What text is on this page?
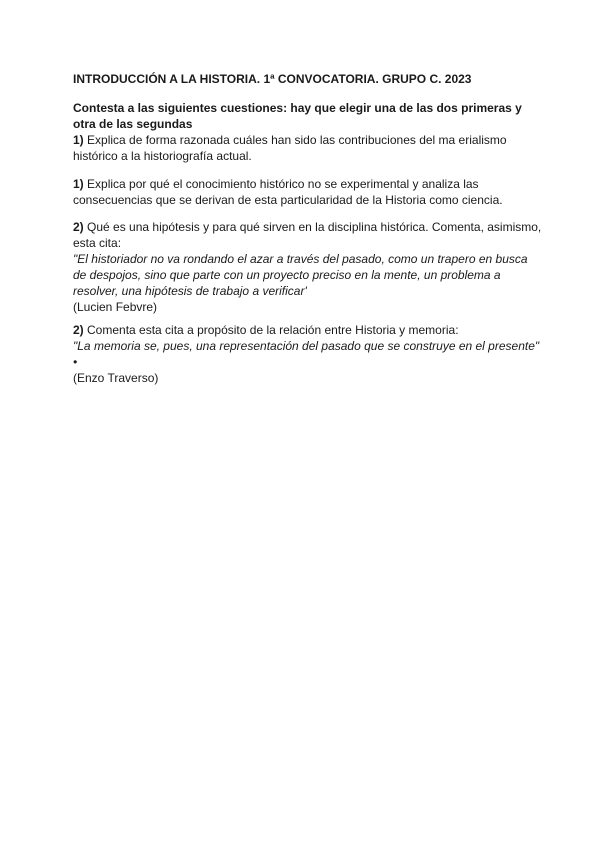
INTRODUCCIÓN A LA HISTORIA. 1ª CONVOCATORIA. GRUPO C. 2023
Contesta a las siguientes cuestiones: hay que elegir una de las dos primeras y otra de las segundas

1) Explica de forma razonada cuáles han sido las contribuciones del ma erialismo histórico a la historiografía actual.

1) Explica por qué el conocimiento histórico no se experimental y analiza las consecuencias que se derivan de esta particularidad de la Historia como ciencia.

2) Qué es una hipótesis y para qué sirven en la disciplina histórica. Comenta, asimismo, esta cita:

"El historiador no va rondando el azar a través del pasado, como un trapero en busca de despojos, sino que parte con un proyecto preciso en la mente, un problema a resolver, una hipótesis de trabajo a verificar'

(Lucien Febvre)

2) Comenta esta cita a propósito de la relación entre Historia y memoria:

"La memoria se, pues, una representación del pasado que se construye en el presente" •

(Enzo Traverso)
